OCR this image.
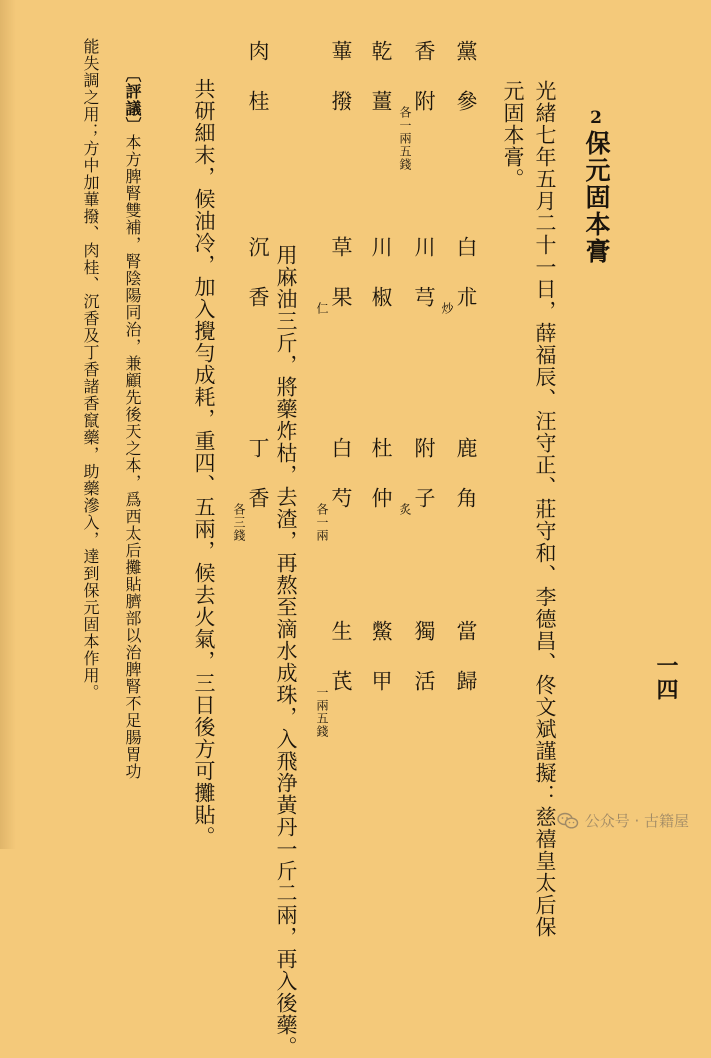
一四
2保元固本膏
光緒七年五月二十一日，薛福辰、汪守正、莊守和、李德昌、佟文斌謹擬：慈禧皇太后保
元固本膏。
黨　參
白　朮
炒
鹿　角
當　歸
香　附
各一兩五錢
川　芎
附　子
炙
獨　活
乾　薑
川　椒
杜　仲
鱉　甲
蓽　撥
草　果
仁
白　芍
各一兩
生　芪
一兩五錢
肉　桂
沉　香
丁　香
各三錢 用麻油三斤，將藥炸枯，去渣，再熬至滴水成珠，入飛浄黃丹一斤二兩，再入後藥。
共研細末，候油冷，加入攪勻成耗，重四、五兩，候去火氣，三日後方可攤貼。
〔評議〕本方脾腎雙補，腎陰陽同治，兼顧先後天之本，爲西太后攤貼臍部以治脾腎不足腸胃功
能失調之用；方中加蓽撥、肉桂、沉香及丁香諸香竄藥，助藥滲入，達到保元固本作用。
公众号 · 古籍屋
